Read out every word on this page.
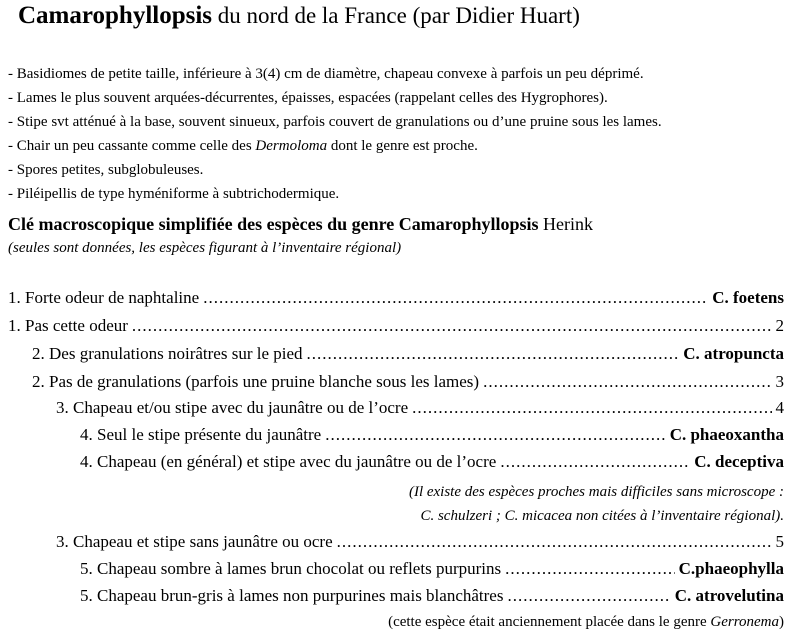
Camarophyllopsis du nord de la France (par Didier Huart)
- Basidiomes de petite taille, inférieure à 3(4) cm de diamètre, chapeau convexe à parfois un peu déprimé.
- Lames le plus souvent arquées-décurrentes, épaisses, espacées (rappelant celles des Hygrophores).
- Stipe svt atténué à la base, souvent sinueux, parfois couvert de granulations ou d’une pruine sous les lames.
- Chair un peu cassante comme celle des Dermoloma dont le genre est proche.
- Spores petites, subglobuleuses.
- Piléipellis de type hyméniforme à subtrichodermique.
Clé macroscopique simplifiée des espèces du genre Camarophyllopsis Herink
(seules sont données, les espèces figurant à l’inventaire régional)
1. Forte odeur de naphtaline .....	C. foetens
1. Pas cette odeur .....	2
2. Des granulations noirâtres sur le pied .....	C. atropuncta
2. Pas de granulations (parfois une pruine blanche sous les lames) .....	3
3. Chapeau et/ou stipe avec du jaunâtre ou de l’ocre .....	4
4. Seul le stipe présente du jaunâtre .....	C. phaeoxantha
4. Chapeau (en général) et stipe avec du jaunâtre ou de l’ocre .....	C. deceptiva
(Il existe des espèces proches mais difficiles sans microscope :
C. schulzeri ; C. micacea non citées à l’inventaire régional).
3. Chapeau et stipe sans jaunâtre ou ocre .....	5
5. Chapeau sombre à lames brun chocolat ou reflets purpurins .....	C.phaeophylla
5. Chapeau brun-gris à lames non purpurines mais blanchâtres .....	C. atrovelutina
(cette espèce était anciennement placée dans le genre Gerronema)
